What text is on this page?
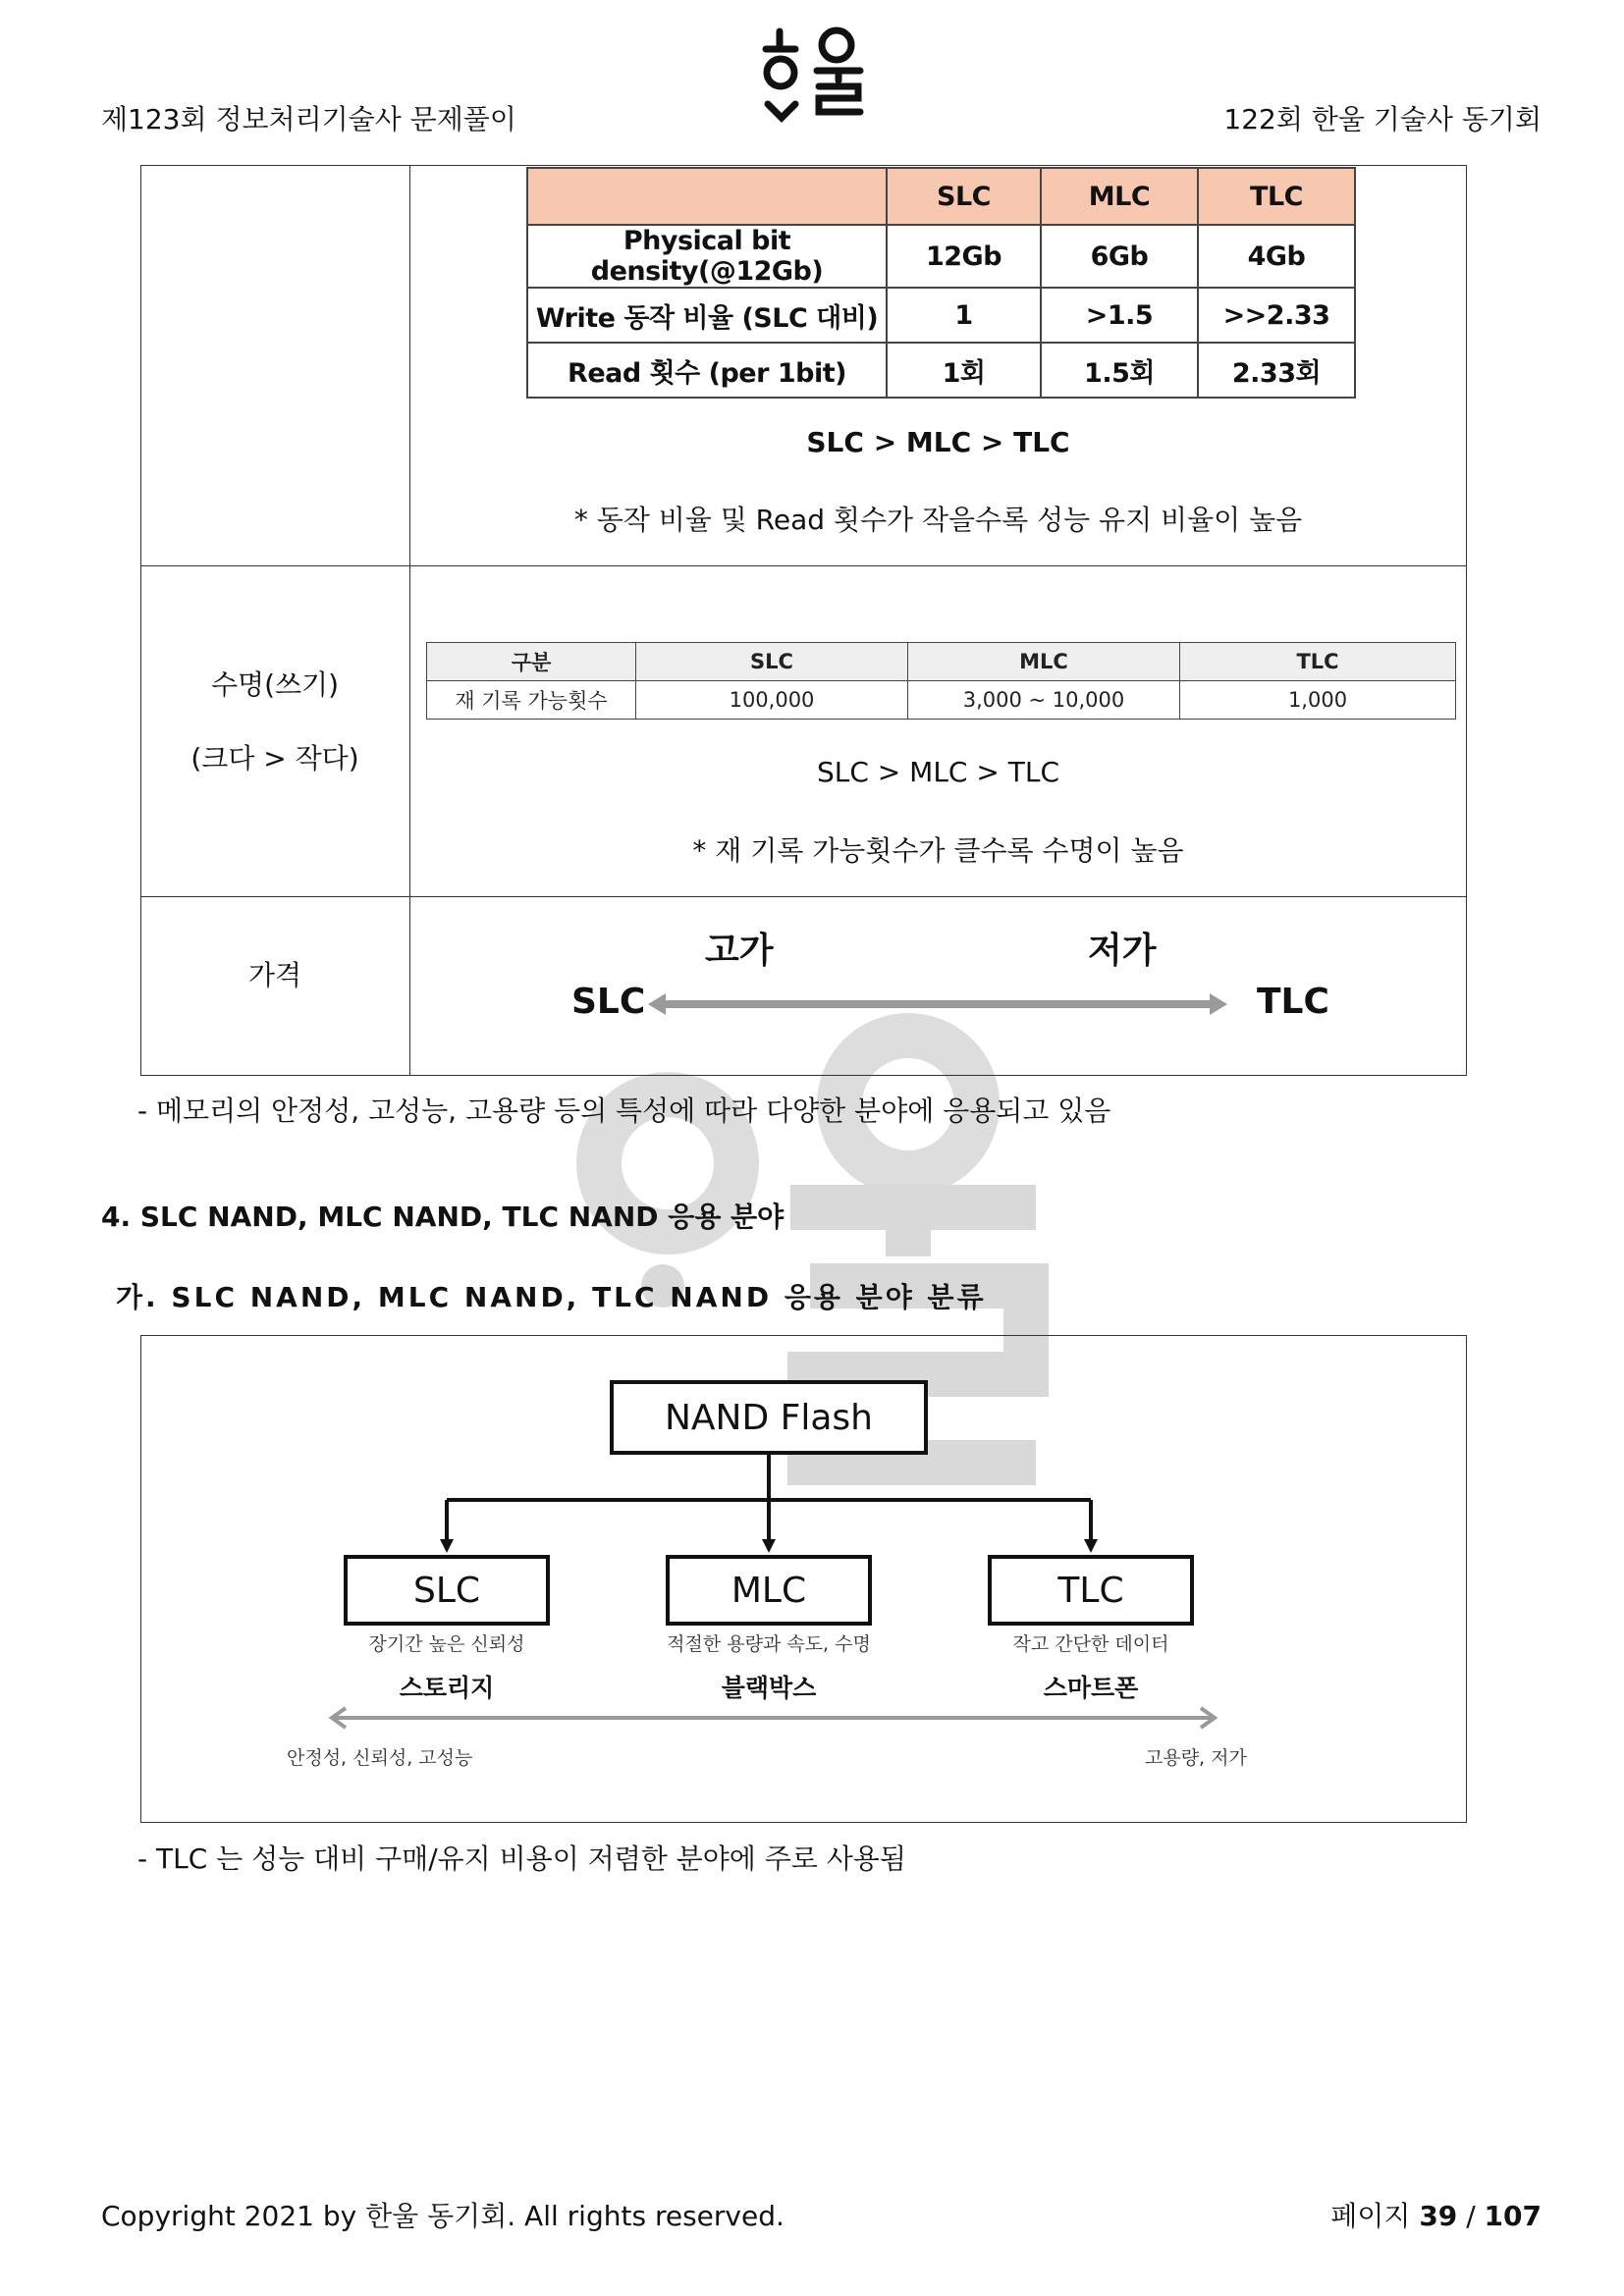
제123회 정보처리기술사 문제풀이	122회 한울 기술사 동기회
	SLC	MLC	TLC
Physical bit density(@12Gb)	12Gb	6Gb	4Gb
Write 동작 비율 (SLC 대비)	1	>1.5	>>2.33
Read 횟수 (per 1bit)	1회	1.5회	2.33회
SLC > MLC > TLC
* 동작 비율 및 Read 횟수가 작을수록 성능 유지 비율이 높음
수명(쓰기)
(크다 > 작다)
구분	SLC	MLC	TLC
재 기록 가능횟수	100,000	3,000 ~ 10,000	1,000
SLC > MLC > TLC
* 재 기록 가능횟수가 클수록 수명이 높음
가격
고가	저가
SLC	TLC
- 메모리의 안정성, 고성능, 고용량 등의 특성에 따라 다양한 분야에 응용되고 있음
4. SLC NAND, MLC NAND, TLC NAND 응용 분야
가. SLC NAND, MLC NAND, TLC NAND 응용 분야 분류
NAND Flash
SLC	MLC	TLC
장기간 높은 신뢰성	적절한 용량과 속도, 수명	작고 간단한 데이터
스토리지	블랙박스	스마트폰
안정성, 신뢰성, 고성능	고용량, 저가
- TLC 는 성능 대비 구매/유지 비용이 저렴한 분야에 주로 사용됨
Copyright 2021 by 한울 동기회. All rights reserved.	페이지 39 / 107
